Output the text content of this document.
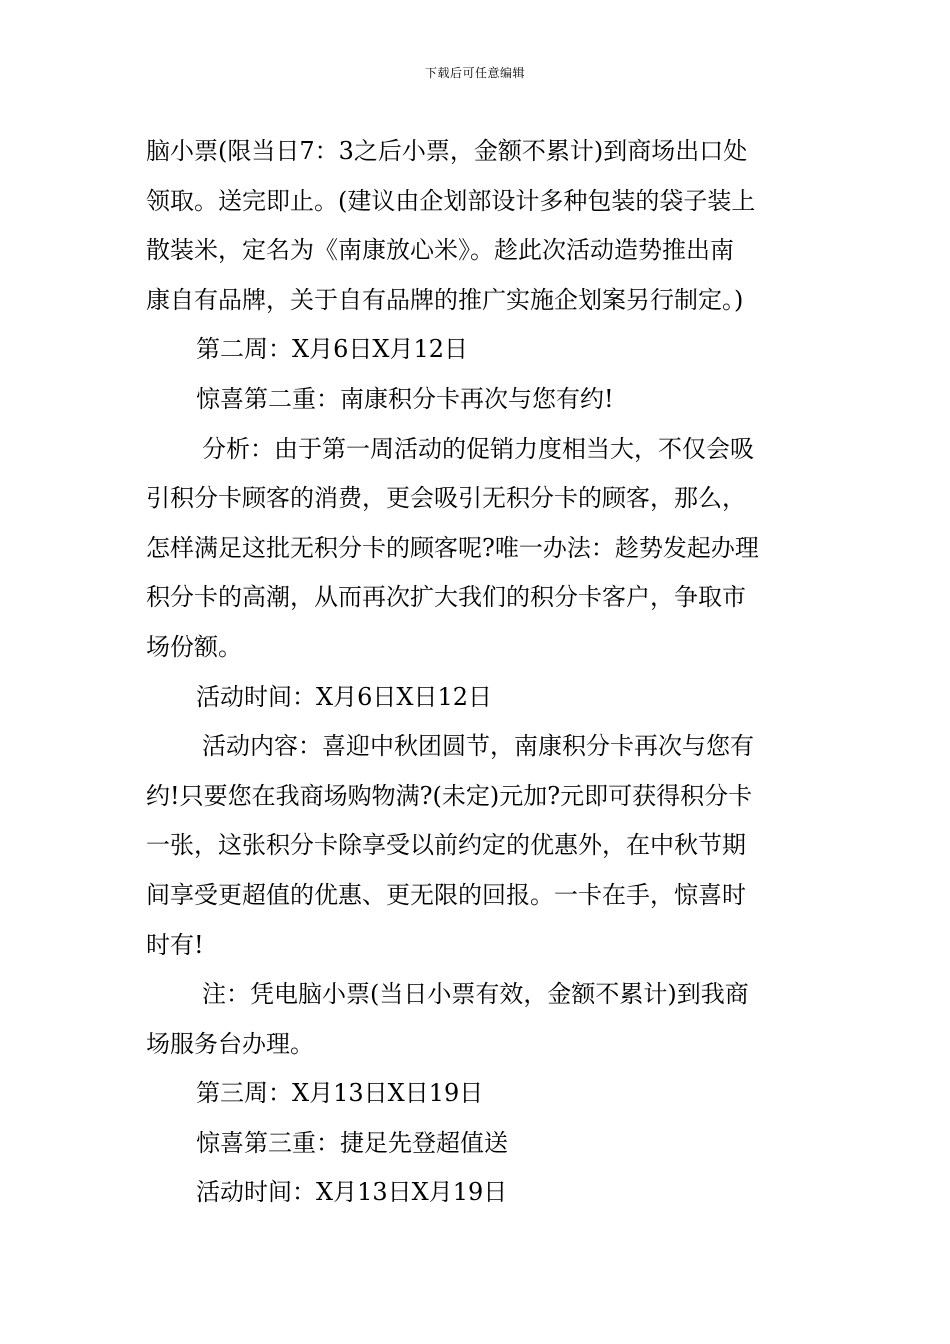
下载后可任意编辑
脑小票(限当日7：3之后小票，金额不累计)到商场出口处
领取。送完即止。(建议由企划部设计多种包装的袋子装上
散装米，定名为《南康放心米》。趁此次活动造势推出南
康自有品牌，关于自有品牌的推广实施企划案另行制定。)
第二周：X月6日X月12日
惊喜第二重：南康积分卡再次与您有约!
分析：由于第一周活动的促销力度相当大，不仅会吸
引积分卡顾客的消费，更会吸引无积分卡的顾客，那么，
怎样满足这批无积分卡的顾客呢?唯一办法：趁势发起办理
积分卡的高潮，从而再次扩大我们的积分卡客户，争取市
场份额。
活动时间：X月6日X日12日
活动内容：喜迎中秋团圆节，南康积分卡再次与您有
约!只要您在我商场购物满?(未定)元加?元即可获得积分卡
一张，这张积分卡除享受以前约定的优惠外，在中秋节期
间享受更超值的优惠、更无限的回报。一卡在手，惊喜时
时有!
注：凭电脑小票(当日小票有效，金额不累计)到我商
场服务台办理。
第三周：X月13日X日19日
惊喜第三重：捷足先登超值送
活动时间：X月13日X月19日
